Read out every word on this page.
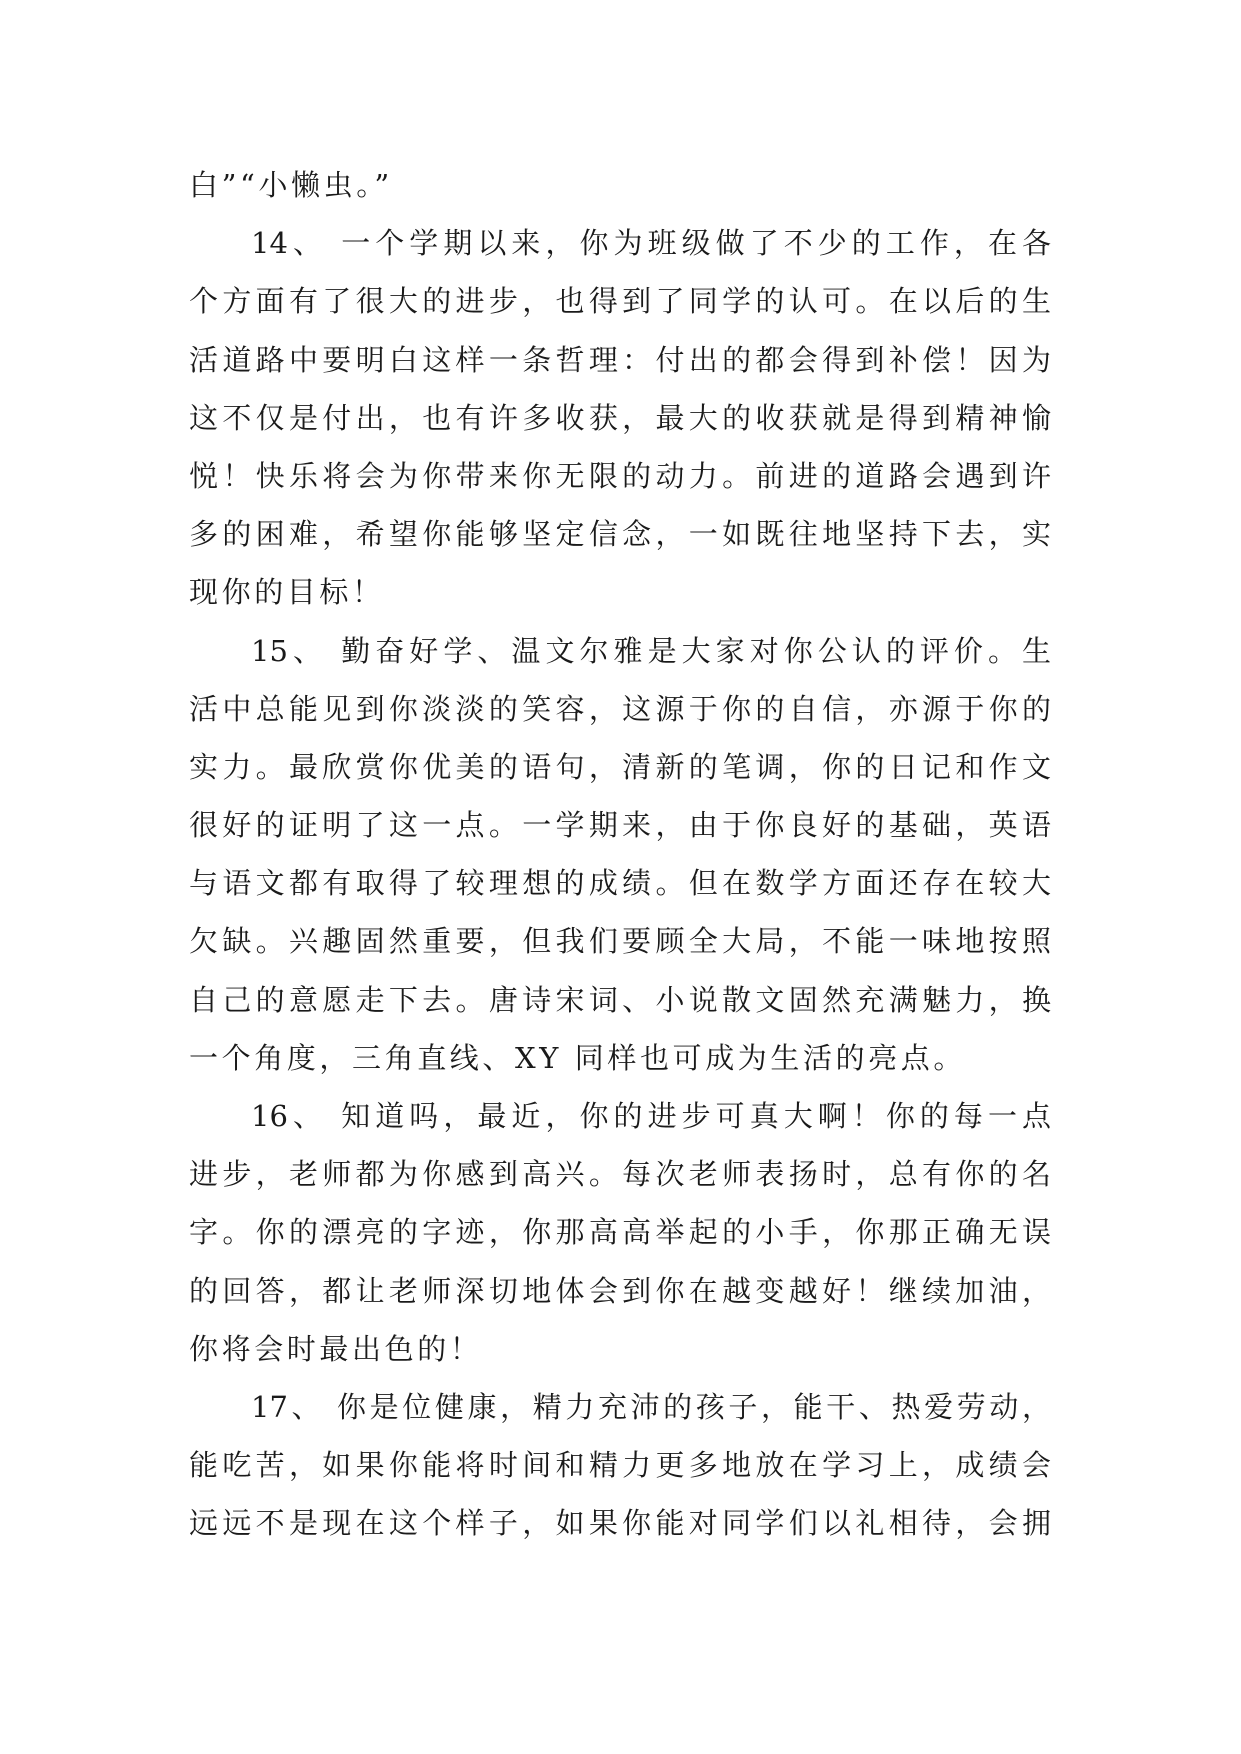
白”“小懒虫。”
14、 一个学期以来，你为班级做了不少的工作，在各
个方面有了很大的进步，也得到了同学的认可。在以后的生
活道路中要明白这样一条哲理：付出的都会得到补偿！因为
这不仅是付出，也有许多收获，最大的收获就是得到精神愉
悦！快乐将会为你带来你无限的动力。前进的道路会遇到许
多的困难，希望你能够坚定信念，一如既往地坚持下去，实
现你的目标！
15、 勤奋好学、温文尔雅是大家对你公认的评价。生
活中总能见到你淡淡的笑容，这源于你的自信，亦源于你的
实力。最欣赏你优美的语句，清新的笔调，你的日记和作文
很好的证明了这一点。一学期来，由于你良好的基础，英语
与语文都有取得了较理想的成绩。但在数学方面还存在较大
欠缺。兴趣固然重要，但我们要顾全大局，不能一味地按照
自己的意愿走下去。唐诗宋词、小说散文固然充满魅力，换
一个角度，三角直线、XY 同样也可成为生活的亮点。
16、 知道吗，最近，你的进步可真大啊！你的每一点
进步，老师都为你感到高兴。每次老师表扬时，总有你的名
字。你的漂亮的字迹，你那高高举起的小手，你那正确无误
的回答，都让老师深切地体会到你在越变越好！继续加油，
你将会时最出色的！
17、 你是位健康，精力充沛的孩子，能干、热爱劳动，
能吃苦，如果你能将时间和精力更多地放在学习上，成绩会
远远不是现在这个样子，如果你能对同学们以礼相待，会拥
